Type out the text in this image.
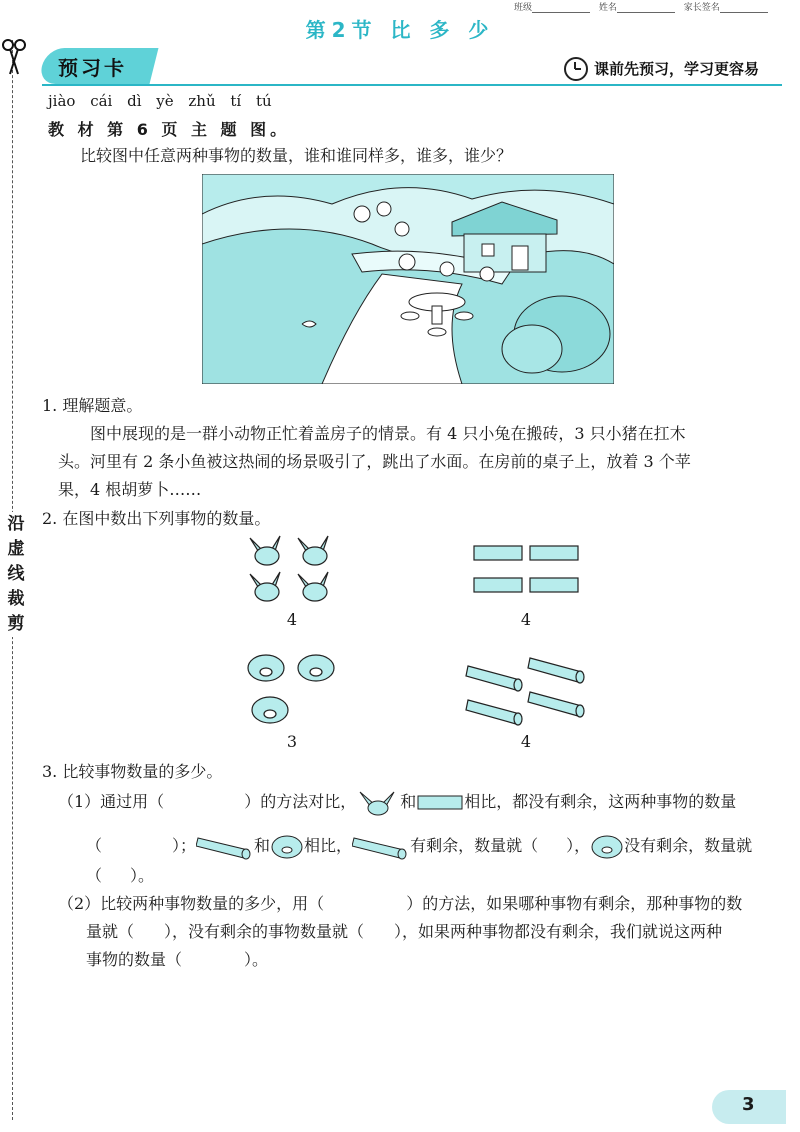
班级	姓名	家长签名
第2节 比 多 少
沿
虚
线
裁
剪
预习卡	课前先预习，学习更容易
jiào cái dì yè zhǔ tí tú
教 材 第 6 页 主 题 图。
比较图中任意两种事物的数量，谁和谁同样多，谁多，谁少？
1. 理解题意。
图中展现的是一群小动物正忙着盖房子的情景。有 4 只小兔在搬砖，3 只小猪在扛木
头。河里有 2 条小鱼被这热闹的场景吸引了，跳出了水面。在房前的桌子上，放着 3 个苹
果，4 根胡萝卜……
2. 在图中数出下列事物的数量。
4	4
3	4
3. 比较事物数量的多少。
（1）通过用（	）的方法对比，	和	相比，都没有剩余，这两种事物的数量
（	）；	和 相比，	有剩余，数量就（ ）， 没有剩余，数量就
（ ）。
（2）比较两种事物数量的多少，用（	）的方法，如果哪种事物有剩余，那种事物的数
量就（ ），没有剩余的事物数量就（ ），如果两种事物都没有剩余，我们就说这两种
事物的数量（	）。
3
